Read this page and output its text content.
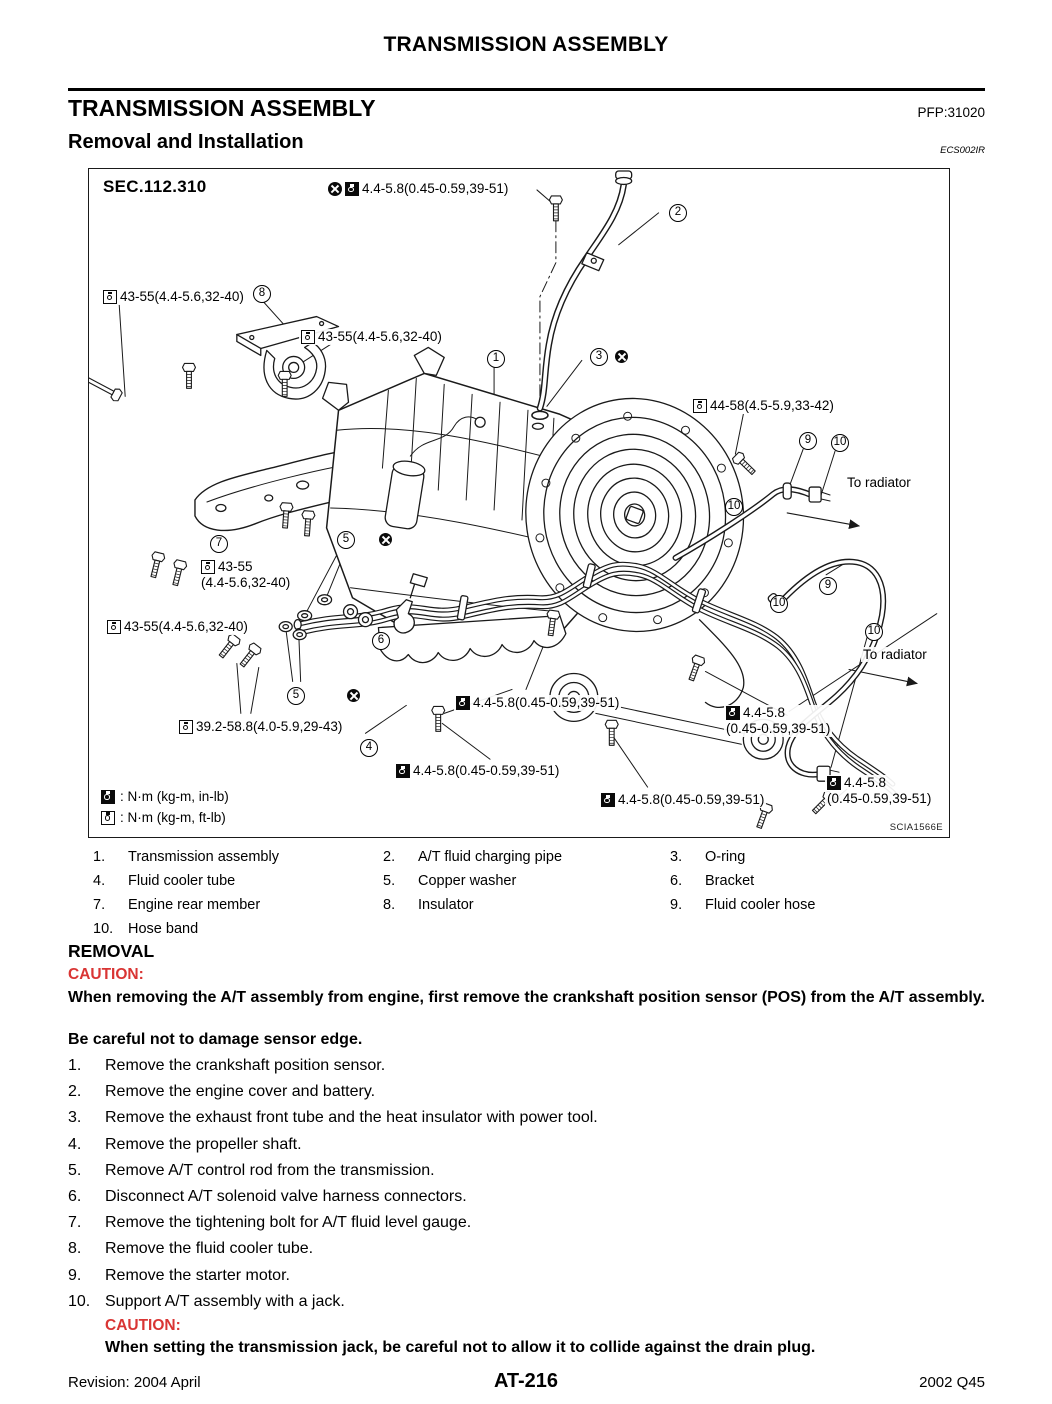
TRANSMISSION ASSEMBLY
TRANSMISSION ASSEMBLY	PFP:31020
Removal and Installation	ECS002IR
SEC.112.310	4.4-5.8(0.45-0.59,39-51)
43-55(4.4-5.6,32-40)
43-55(4.4-5.6,32-40)
44-58(4.5-5.9,33-42)
43-55
(4.4-5.6,32-40)
43-55(4.4-5.6,32-40)
39.2-58.8(4.0-5.9,29-43)
4.4-5.8(0.45-0.59,39-51)
4.4-5.8
(0.45-0.59,39-51)
4.4-5.8(0.45-0.59,39-51)
4.4-5.8(0.45-0.59,39-51)
4.4-5.8
(0.45-0.59,39-51)
8
2
1	3

5

7
6
5
4
9	10
10
9
10
10
To radiator
To radiator
: N·m (kg-m, in-lb)
: N·m (kg-m, ft-lb)
SCIA1566E
1.	Transmission assembly	2.	A/T fluid charging pipe	3.	O-ring
4.	Fluid cooler tube	5.	Copper washer	6.	Bracket
7.	Engine rear member	8.	Insulator	9.	Fluid cooler hose
10.	Hose band
REMOVAL
CAUTION:

When removing the A/T assembly from engine, first remove the crankshaft position sensor (POS) from the A/T assembly.

Be careful not to damage sensor edge.

1.	Remove the crankshaft position sensor.
2.	Remove the engine cover and battery.
3.	Remove the exhaust front tube and the heat insulator with power tool.
4.	Remove the propeller shaft.
5.	Remove A/T control rod from the transmission.
6.	Disconnect A/T solenoid valve harness connectors.
7.	Remove the tightening bolt for A/T fluid level gauge.
8.	Remove the fluid cooler tube.
9.	Remove the starter motor.
10. Support A/T assembly with a jack.
CAUTION:

When setting the transmission jack, be careful not to allow it to collide against the drain plug.

Revision: 2004 April	AT-216	2002 Q45
